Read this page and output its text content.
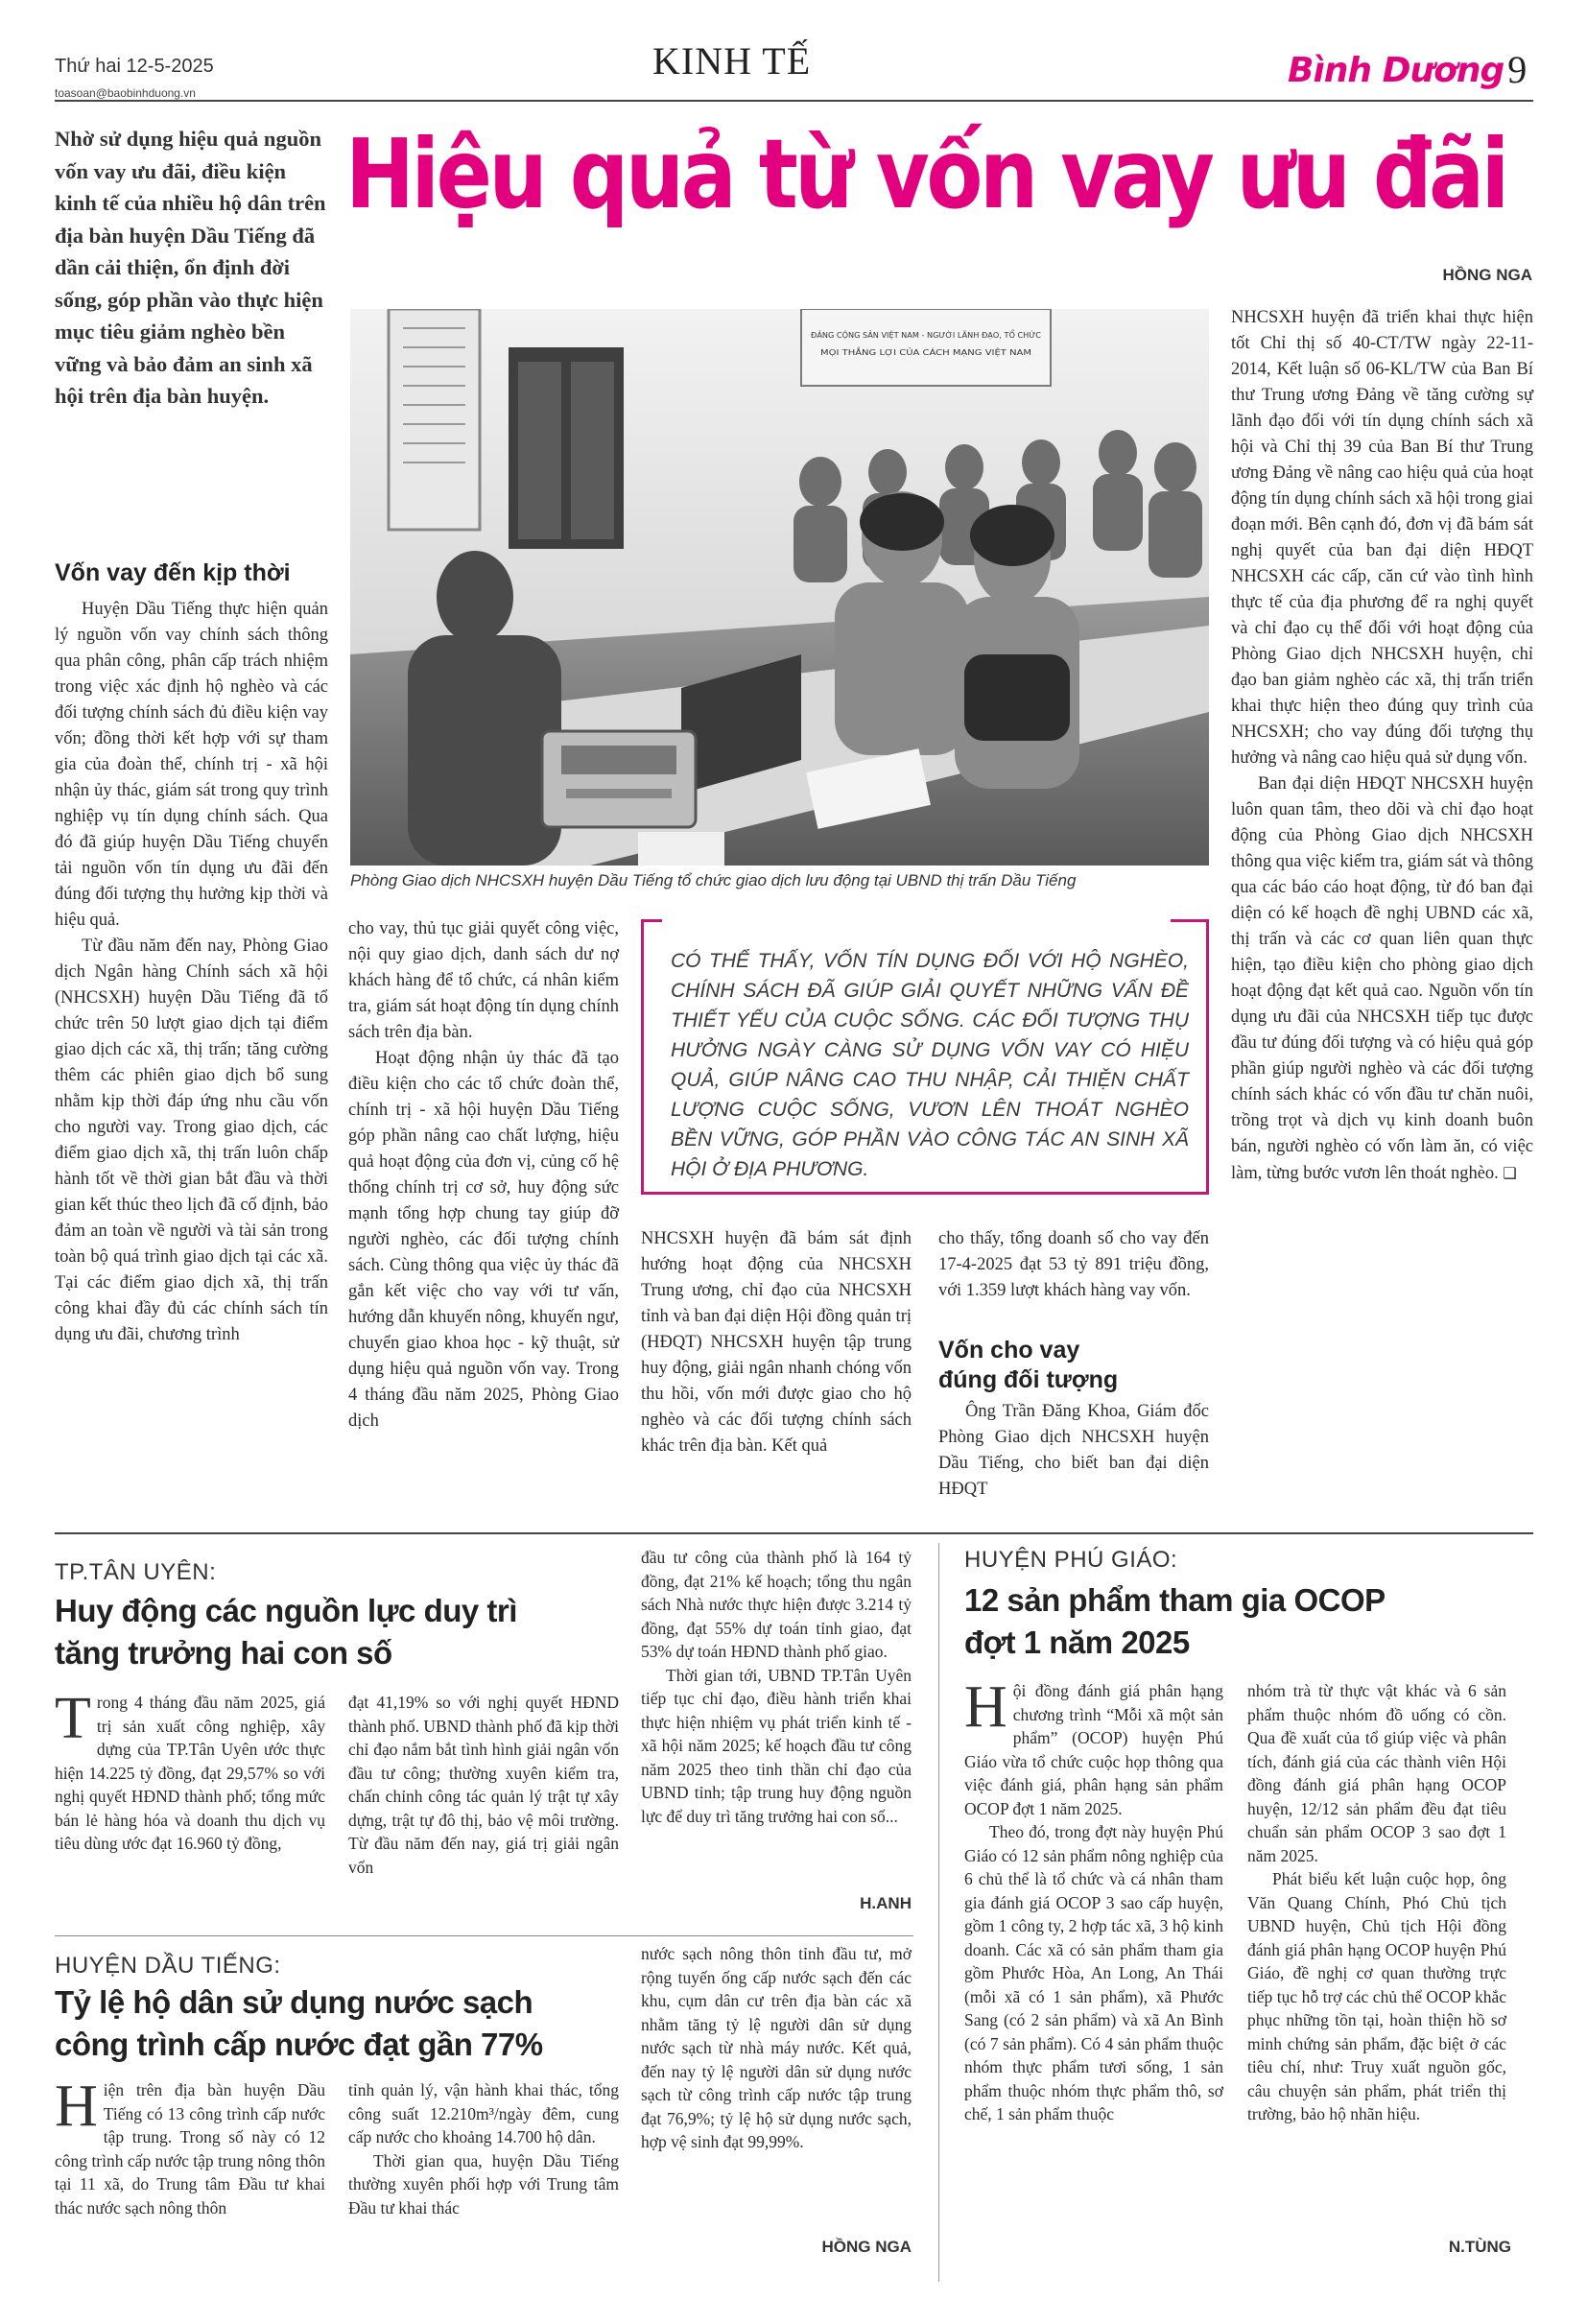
Thứ hai 12-5-2025
toasoan@baobinhduong.vn
KINH TẾ	Bình Dương 9
Nhờ sử dụng hiệu quả nguồn vốn vay ưu đãi, điều kiện kinh tế của nhiều hộ dân trên địa bàn huyện Dầu Tiếng đã dần cải thiện, ổn định đời sống, góp phần vào thực hiện mục tiêu giảm nghèo bền vững và bảo đảm an sinh xã hội trên địa bàn huyện.
Hiệu quả từ vốn vay ưu đãi
HỒNG NGA
ĐẢNG CỘNG SẢN VIỆT NAM - NGƯỜI LÃNH ĐẠO, TỔ CHỨC
MỌI THẮNG LỢI CỦA CÁCH MẠNG VIỆT NAM
Phòng Giao dịch NHCSXH huyện Dầu Tiếng tổ chức giao dịch lưu động tại UBND thị trấn Dầu Tiếng
Vốn vay đến kịp thời

Huyện Dầu Tiếng thực hiện quản lý nguồn vốn vay chính sách thông qua phân công, phân cấp trách nhiệm trong việc xác định hộ nghèo và các đối tượng chính sách đủ điều kiện vay vốn; đồng thời kết hợp với sự tham gia của đoàn thể, chính trị - xã hội nhận ủy thác, giám sát trong quy trình nghiệp vụ tín dụng chính sách. Qua đó đã giúp huyện Dầu Tiếng chuyển tải nguồn vốn tín dụng ưu đãi đến đúng đối tượng thụ hưởng kịp thời và hiệu quả.

Từ đầu năm đến nay, Phòng Giao dịch Ngân hàng Chính sách xã hội (NHCSXH) huyện Dầu Tiếng đã tổ chức trên 50 lượt giao dịch tại điểm giao dịch các xã, thị trấn; tăng cường thêm các phiên giao dịch bổ sung nhằm kịp thời đáp ứng nhu cầu vốn cho người vay. Trong giao dịch, các điểm giao dịch xã, thị trấn luôn chấp hành tốt về thời gian bắt đầu và thời gian kết thúc theo lịch đã cố định, bảo đảm an toàn về người và tài sản trong toàn bộ quá trình giao dịch tại các xã. Tại các điểm giao dịch xã, thị trấn công khai đầy đủ các chính sách tín dụng ưu đãi, chương trình

cho vay, thủ tục giải quyết công việc, nội quy giao dịch, danh sách dư nợ khách hàng để tổ chức, cá nhân kiểm tra, giám sát hoạt động tín dụng chính sách trên địa bàn.

Hoạt động nhận ủy thác đã tạo điều kiện cho các tổ chức đoàn thể, chính trị - xã hội huyện Dầu Tiếng góp phần nâng cao chất lượng, hiệu quả hoạt động của đơn vị, củng cố hệ thống chính trị cơ sở, huy động sức mạnh tổng hợp chung tay giúp đỡ người nghèo, các đối tượng chính sách. Cùng thông qua việc ủy thác đã gắn kết việc cho vay với tư vấn, hướng dẫn khuyến nông, khuyến ngư, chuyển giao khoa học - kỹ thuật, sử dụng hiệu quả nguồn vốn vay. Trong 4 tháng đầu năm 2025, Phòng Giao dịch

CÓ THỂ THẤY, VỐN TÍN DỤNG ĐỐI VỚI HỘ NGHÈO, CHÍNH SÁCH ĐÃ GIÚP GIẢI QUYẾT NHỮNG VẤN ĐỀ THIẾT YẾU CỦA CUỘC SỐNG. CÁC ĐỐI TƯỢNG THỤ HƯỞNG NGÀY CÀNG SỬ DỤNG VỐN VAY CÓ HIỆU QUẢ, GIÚP NÂNG CAO THU NHẬP, CẢI THIỆN CHẤT LƯỢNG CUỘC SỐNG, VƯƠN LÊN THOÁT NGHÈO BỀN VỮNG, GÓP PHẦN VÀO CÔNG TÁC AN SINH XÃ HỘI Ở ĐỊA PHƯƠNG.

NHCSXH huyện đã bám sát định hướng hoạt động của NHCSXH Trung ương, chỉ đạo của NHCSXH tỉnh và ban đại diện Hội đồng quản trị (HĐQT) NHCSXH huyện tập trung huy động, giải ngân nhanh chóng vốn thu hồi, vốn mới được giao cho hộ nghèo và các đối tượng chính sách khác trên địa bàn. Kết quả

cho thấy, tổng doanh số cho vay đến 17-4-2025 đạt 53 tỷ 891 triệu đồng, với 1.359 lượt khách hàng vay vốn.

Vốn cho vay đúng đối tượng

Ông Trần Đăng Khoa, Giám đốc Phòng Giao dịch NHCSXH huyện Dầu Tiếng, cho biết ban đại diện HĐQT

NHCSXH huyện đã triển khai thực hiện tốt Chỉ thị số 40-CT/TW ngày 22-11-2014, Kết luận số 06-KL/TW của Ban Bí thư Trung ương Đảng về tăng cường sự lãnh đạo đối với tín dụng chính sách xã hội và Chỉ thị 39 của Ban Bí thư Trung ương Đảng về nâng cao hiệu quả của hoạt động tín dụng chính sách xã hội trong giai đoạn mới. Bên cạnh đó, đơn vị đã bám sát nghị quyết của ban đại diện HĐQT NHCSXH các cấp, căn cứ vào tình hình thực tế của địa phương để ra nghị quyết và chỉ đạo cụ thể đối với hoạt động của Phòng Giao dịch NHCSXH huyện, chỉ đạo ban giảm nghèo các xã, thị trấn triển khai thực hiện theo đúng quy trình của NHCSXH; cho vay đúng đối tượng thụ hưởng và nâng cao hiệu quả sử dụng vốn.

Ban đại diện HĐQT NHCSXH huyện luôn quan tâm, theo dõi và chỉ đạo hoạt động của Phòng Giao dịch NHCSXH thông qua việc kiểm tra, giám sát và thông qua các báo cáo hoạt động, từ đó ban đại diện có kế hoạch đề nghị UBND các xã, thị trấn và các cơ quan liên quan thực hiện, tạo điều kiện cho phòng giao dịch hoạt động đạt kết quả cao. Nguồn vốn tín dụng ưu đãi của NHCSXH tiếp tục được đầu tư đúng đối tượng và có hiệu quả góp phần giúp người nghèo và các đối tượng chính sách khác có vốn đầu tư chăn nuôi, trồng trọt và dịch vụ kinh doanh buôn bán, người nghèo có vốn làm ăn, có việc làm, từng bước vươn lên thoát nghèo. ❑

TP.TÂN UYÊN:
Huy động các nguồn lực duy trì
tăng trưởng hai con số

Trong 4 tháng đầu năm 2025, giá trị sản xuất công nghiệp, xây dựng của TP.Tân Uyên ước thực hiện 14.225 tỷ đồng, đạt 29,57% so với nghị quyết HĐND thành phố; tổng mức bán lẻ hàng hóa và doanh thu dịch vụ tiêu dùng ước đạt 16.960 tỷ đồng,

đạt 41,19% so với nghị quyết HĐND thành phố. UBND thành phố đã kịp thời chỉ đạo nắm bắt tình hình giải ngân vốn đầu tư công; thường xuyên kiểm tra, chấn chỉnh công tác quản lý trật tự xây dựng, trật tự đô thị, bảo vệ môi trường. Từ đầu năm đến nay, giá trị giải ngân vốn

đầu tư công của thành phố là 164 tỷ đồng, đạt 21% kế hoạch; tổng thu ngân sách Nhà nước thực hiện được 3.214 tỷ đồng, đạt 55% dự toán tỉnh giao, đạt 53% dự toán HĐND thành phố giao.

Thời gian tới, UBND TP.Tân Uyên tiếp tục chỉ đạo, điều hành triển khai thực hiện nhiệm vụ phát triển kinh tế - xã hội năm 2025; kế hoạch đầu tư công năm 2025 theo tinh thần chỉ đạo của UBND tỉnh; tập trung huy động nguồn lực để duy trì tăng trưởng hai con số...

H.ANH
HUYỆN DẦU TIẾNG:
Tỷ lệ hộ dân sử dụng nước sạch
công trình cấp nước đạt gần 77%

Hiện trên địa bàn huyện Dầu Tiếng có 13 công trình cấp nước tập trung. Trong số này có 12 công trình cấp nước tập trung nông thôn tại 11 xã, do Trung tâm Đầu tư khai thác nước sạch nông thôn

tỉnh quản lý, vận hành khai thác, tổng công suất 12.210m³/ngày đêm, cung cấp nước cho khoảng 14.700 hộ dân.

Thời gian qua, huyện Dầu Tiếng thường xuyên phối hợp với Trung tâm Đầu tư khai thác

nước sạch nông thôn tỉnh đầu tư, mở rộng tuyến ống cấp nước sạch đến các khu, cụm dân cư trên địa bàn các xã nhằm tăng tỷ lệ người dân sử dụng nước sạch từ nhà máy nước. Kết quả, đến nay tỷ lệ người dân sử dụng nước sạch từ công trình cấp nước tập trung đạt 76,9%; tỷ lệ hộ sử dụng nước sạch, hợp vệ sinh đạt 99,99%.

HỒNG NGA
HUYỆN PHÚ GIÁO:
12 sản phẩm tham gia OCOP
đợt 1 năm 2025

Hội đồng đánh giá phân hạng chương trình “Mỗi xã một sản phẩm” (OCOP) huyện Phú Giáo vừa tổ chức cuộc họp thông qua việc đánh giá, phân hạng sản phẩm OCOP đợt 1 năm 2025.

Theo đó, trong đợt này huyện Phú Giáo có 12 sản phẩm nông nghiệp của 6 chủ thể là tổ chức và cá nhân tham gia đánh giá OCOP 3 sao cấp huyện, gồm 1 công ty, 2 hợp tác xã, 3 hộ kinh doanh. Các xã có sản phẩm tham gia gồm Phước Hòa, An Long, An Thái (mỗi xã có 1 sản phẩm), xã Phước Sang (có 2 sản phẩm) và xã An Bình (có 7 sản phẩm). Có 4 sản phẩm thuộc nhóm thực phẩm tươi sống, 1 sản phẩm thuộc nhóm thực phẩm thô, sơ chế, 1 sản phẩm thuộc

nhóm trà từ thực vật khác và 6 sản phẩm thuộc nhóm đồ uống có cồn. Qua đề xuất của tổ giúp việc và phân tích, đánh giá của các thành viên Hội đồng đánh giá phân hạng OCOP huyện, 12/12 sản phẩm đều đạt tiêu chuẩn sản phẩm OCOP 3 sao đợt 1 năm 2025.

Phát biểu kết luận cuộc họp, ông Văn Quang Chính, Phó Chủ tịch UBND huyện, Chủ tịch Hội đồng đánh giá phân hạng OCOP huyện Phú Giáo, đề nghị cơ quan thường trực tiếp tục hỗ trợ các chủ thể OCOP khắc phục những tồn tại, hoàn thiện hồ sơ minh chứng sản phẩm, đặc biệt ở các tiêu chí, như: Truy xuất nguồn gốc, câu chuyện sản phẩm, phát triển thị trường, bảo hộ nhãn hiệu.

N.TÙNG
